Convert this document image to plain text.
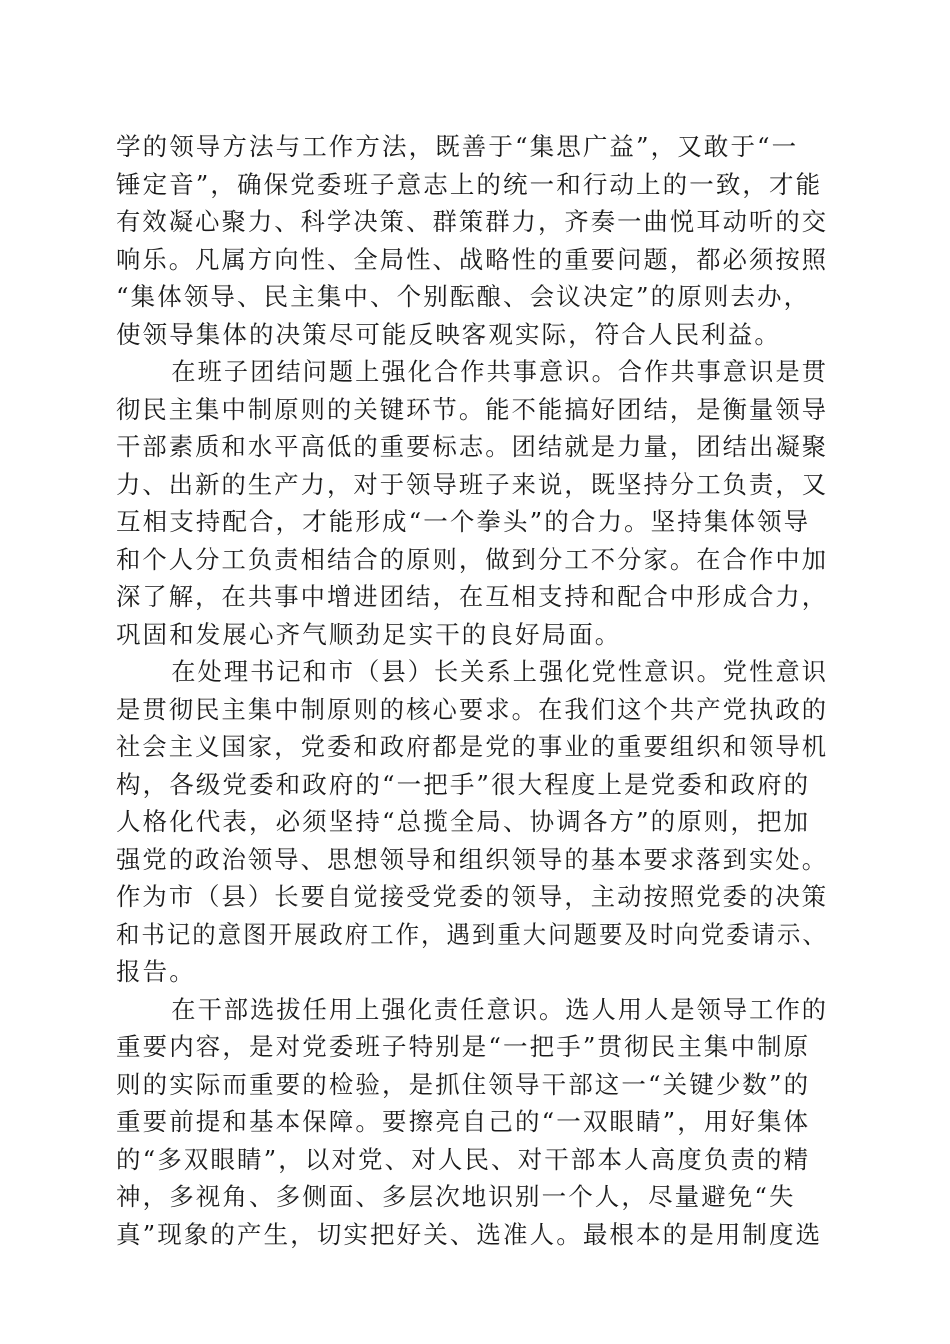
学的领导方法与工作方法，既善于“集思广益”，又敢于“一
锤定音”，确保党委班子意志上的统一和行动上的一致，才能
有效凝心聚力、科学决策、群策群力，齐奏一曲悦耳动听的交
响乐。凡属方向性、全局性、战略性的重要问题，都必须按照
“集体领导、民主集中、个别酝酿、会议决定”的原则去办，
使领导集体的决策尽可能反映客观实际，符合人民利益。
在班子团结问题上强化合作共事意识。合作共事意识是贯
彻民主集中制原则的关键环节。能不能搞好团结，是衡量领导
干部素质和水平高低的重要标志。团结就是力量，团结出凝聚
力、出新的生产力，对于领导班子来说，既坚持分工负责，又
互相支持配合，才能形成“一个拳头”的合力。坚持集体领导
和个人分工负责相结合的原则，做到分工不分家。在合作中加
深了解，在共事中增进团结，在互相支持和配合中形成合力，
巩固和发展心齐气顺劲足实干的良好局面。
在处理书记和市（县）长关系上强化党性意识。党性意识
是贯彻民主集中制原则的核心要求。在我们这个共产党执政的
社会主义国家，党委和政府都是党的事业的重要组织和领导机
构，各级党委和政府的“一把手”很大程度上是党委和政府的
人格化代表，必须坚持“总揽全局、协调各方”的原则，把加
强党的政治领导、思想领导和组织领导的基本要求落到实处。
作为市（县）长要自觉接受党委的领导，主动按照党委的决策
和书记的意图开展政府工作，遇到重大问题要及时向党委请示、
报告。
在干部选拔任用上强化责任意识。选人用人是领导工作的
重要内容，是对党委班子特别是“一把手”贯彻民主集中制原
则的实际而重要的检验，是抓住领导干部这一“关键少数”的
重要前提和基本保障。要擦亮自己的“一双眼睛”，用好集体
的“多双眼睛”，以对党、对人民、对干部本人高度负责的精
神，多视角、多侧面、多层次地识别一个人，尽量避免“失
真”现象的产生，切实把好关、选准人。最根本的是用制度选
